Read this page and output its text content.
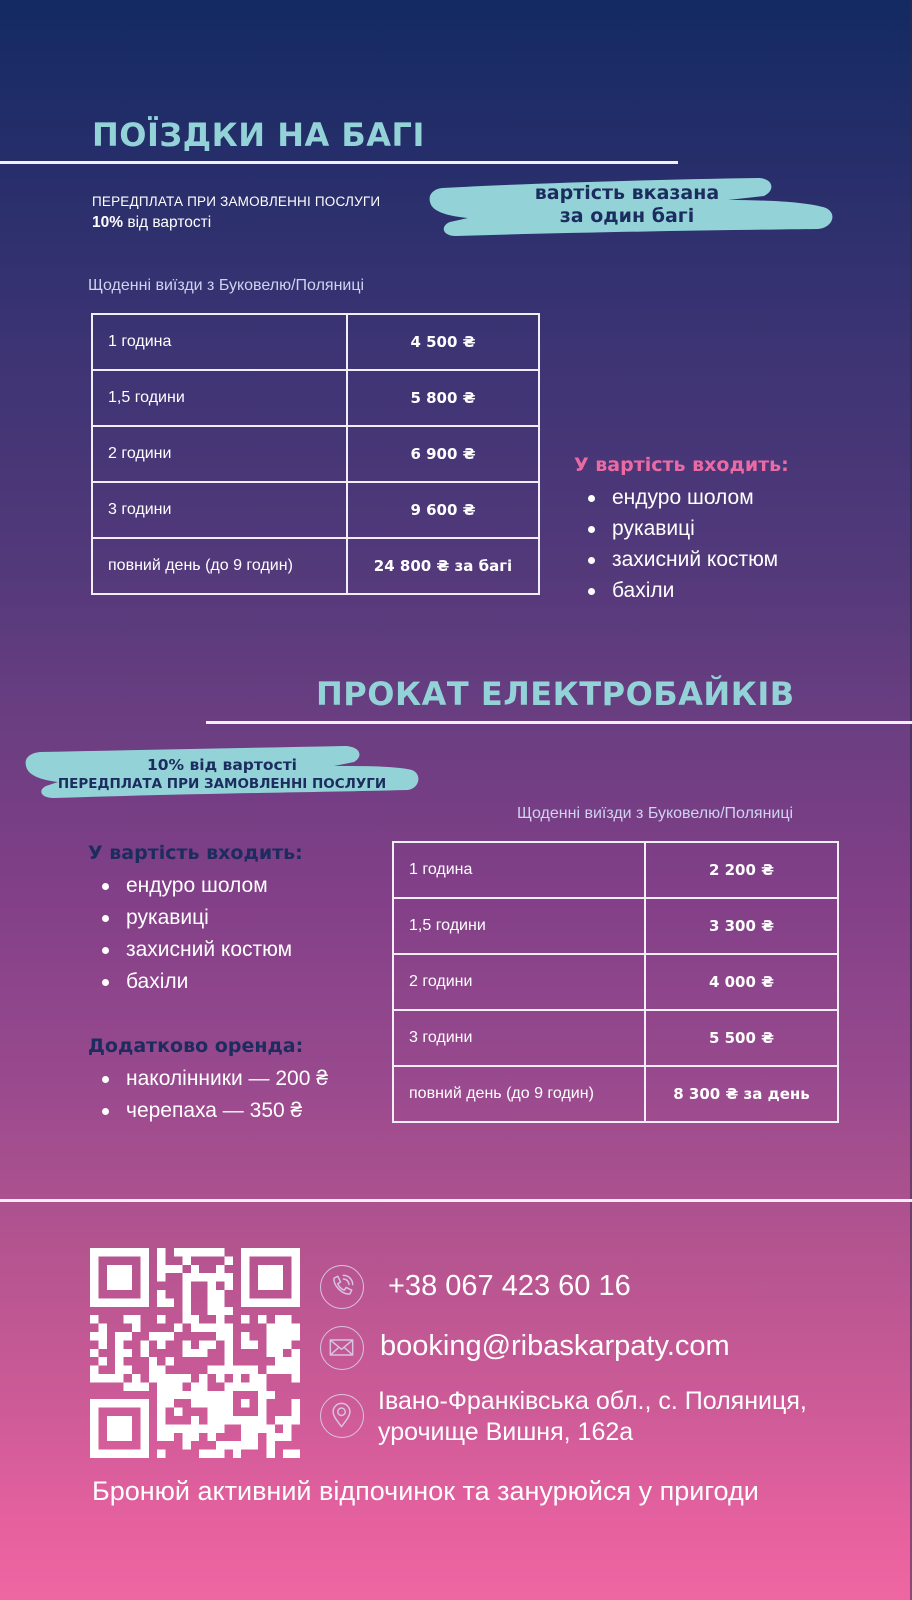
ПОЇЗДКИ НА БАГІ
ПЕРЕДПЛАТА ПРИ ЗАМОВЛЕННІ ПОСЛУГИ
10% від вартості
вартість вказана
за один багі
Щоденні виїзди з Буковелю/Поляниці
1 година	4 500 ₴
1,5 години	5 800 ₴
2 години	6 900 ₴
3 години	9 600 ₴
повний день (до 9 годин)	24 800 ₴ за багі
У вартість входить:
ендуро шолом
рукавиці
захисний костюм
бахіли
ПРОКАТ ЕЛЕКТРОБАЙКІВ
10% від вартості
ПЕРЕДПЛАТА ПРИ ЗАМОВЛЕННІ ПОСЛУГИ
Щоденні виїзди з Буковелю/Поляниці
У вартість входить:
ендуро шолом
рукавиці
захисний костюм
бахіли
Додатково оренда:
наколінники — 200 ₴
черепаха — 350 ₴
1 година	2 200 ₴
1,5 години	3 300 ₴
2 години	4 000 ₴
3 години	5 500 ₴
повний день (до 9 годин)	8 300 ₴ за день
+38 067 423 60 16
booking@ribaskarpaty.com
Івано-Франківська обл., с. Поляниця,
урочище Вишня, 162а
Бронюй активний відпочинок та занурюйся у пригоди
